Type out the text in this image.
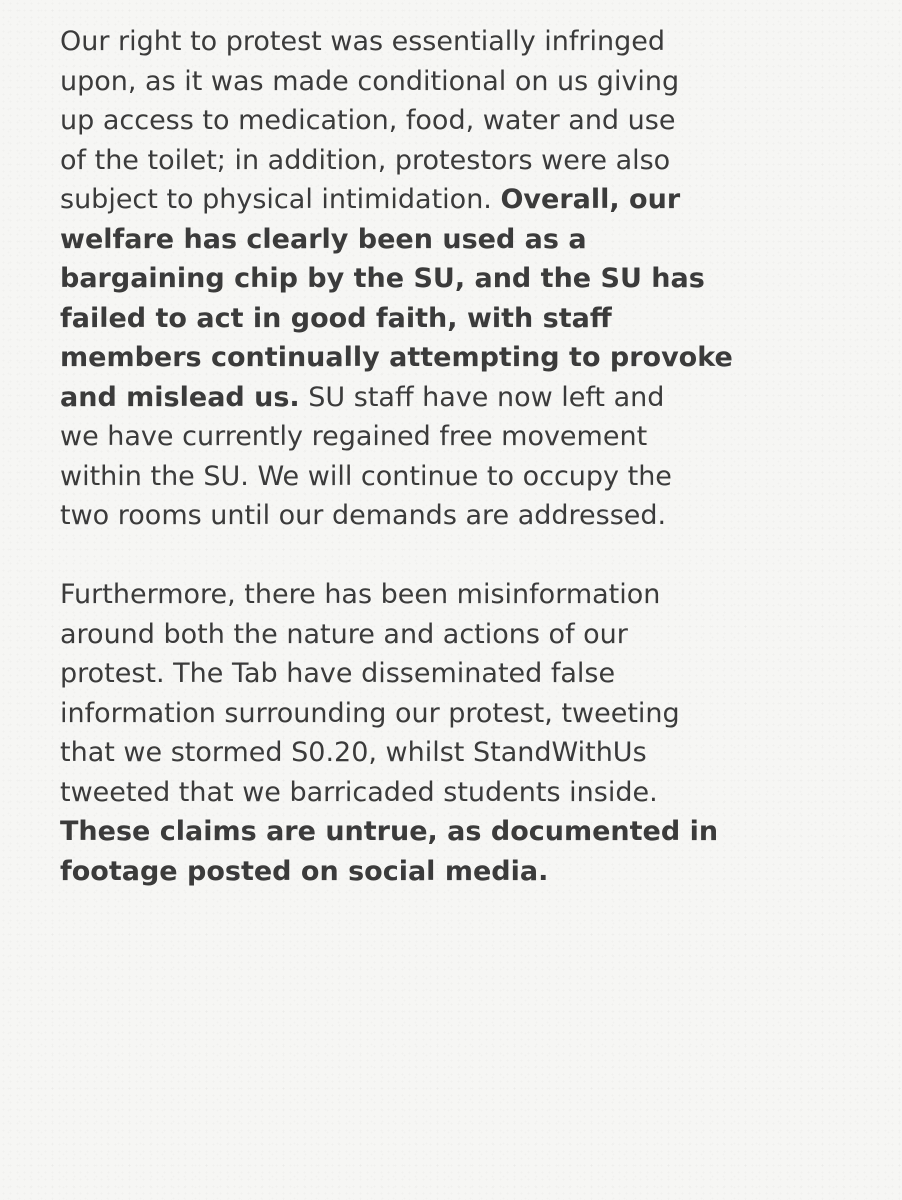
Our right to protest was essentially infringed
upon, as it was made conditional on us giving
up access to medication, food, water and use
of the toilet; in addition, protestors were also
subject to physical intimidation. Overall, our
welfare has clearly been used as a
bargaining chip by the SU, and the SU has
failed to act in good faith, with staff
members continually attempting to provoke
and mislead us. SU staff have now left and
we have currently regained free movement
within the SU. We will continue to occupy the
two rooms until our demands are addressed.

Furthermore, there has been misinformation
around both the nature and actions of our
protest. The Tab have disseminated false
information surrounding our protest, tweeting
that we stormed S0.20, whilst StandWithUs
tweeted that we barricaded students inside.
These claims are untrue, as documented in
footage posted on social media.
